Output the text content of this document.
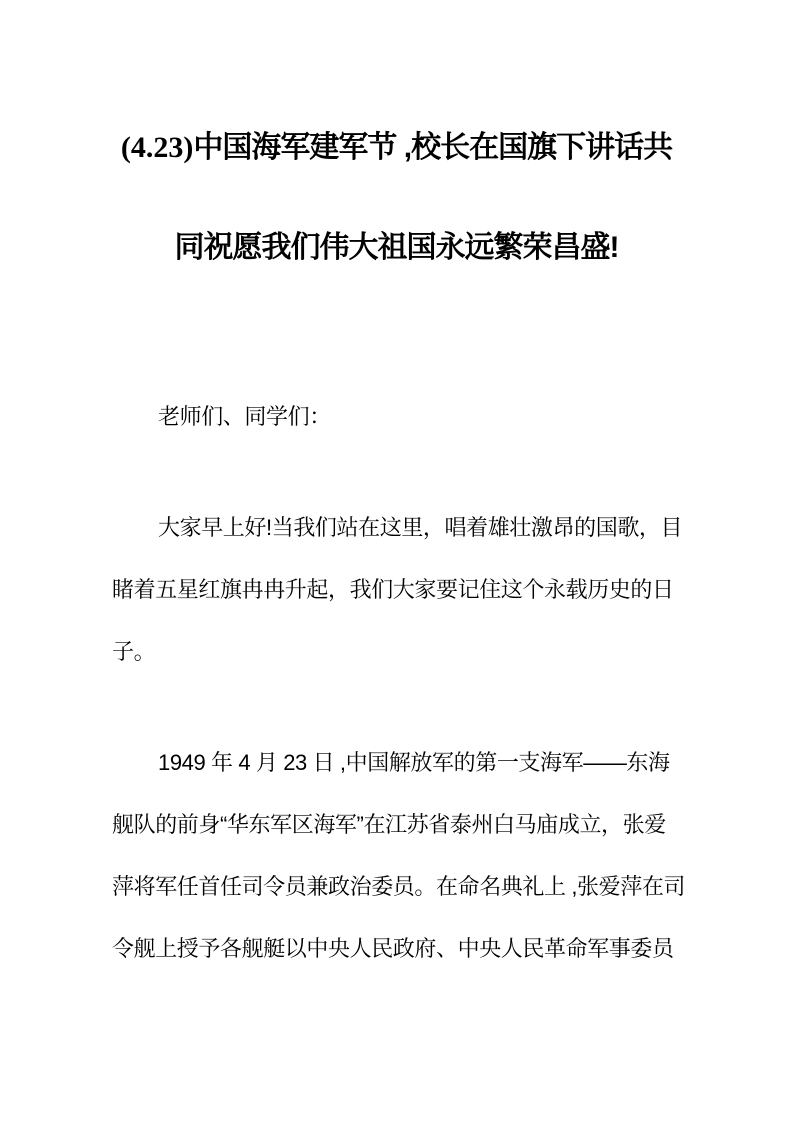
(4.23)中国海军建军节 ,校长在国旗下讲话共
同祝愿我们伟大祖国永远繁荣昌盛!

老师们、同学们：

大家早上好!当我们站在这里，唱着雄壮激昂的国歌，目
睹着五星红旗冉冉升起，我们大家要记住这个永载历史的日
子。

1949 年 4 月 23 日 ,中国解放军的第一支海军——东海
舰队的前身“华东军区海军”在江苏省泰州白马庙成立，张爱
萍将军任首任司令员兼政治委员。在命名典礼上 ,张爱萍在司
令舰上授予各舰艇以中央人民政府、中央人民革命军事委员
